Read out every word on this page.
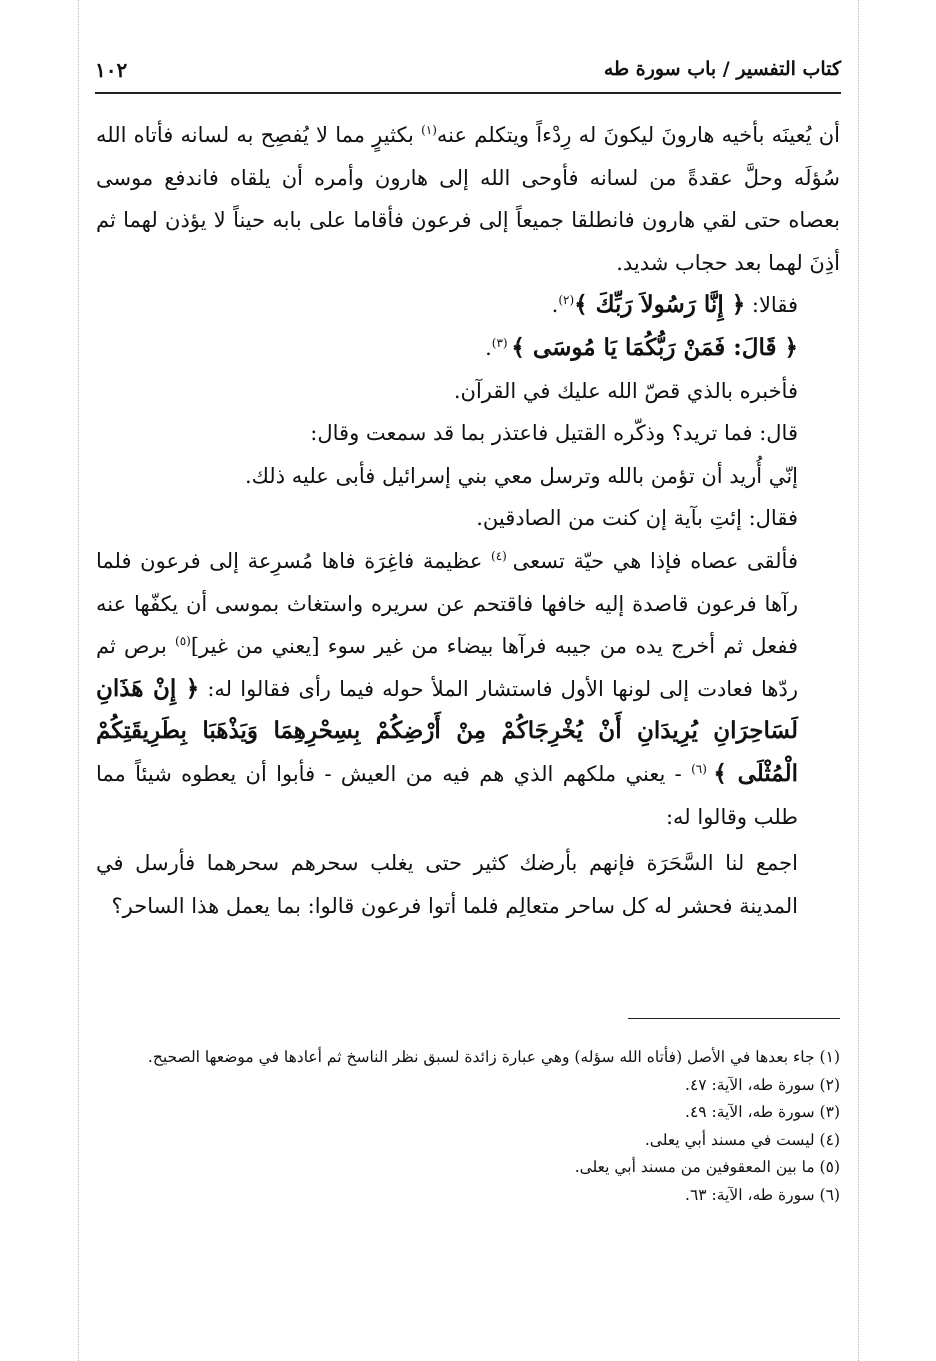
كتاب التفسير / باب سورة طه
١٠٢

أن يُعينَه بأخيه هارونَ ليكونَ له رِدْءاً ويتكلم عنه$^{(١)}$ بكثيرٍ مما لا يُفصِح به لسانه فأتاه الله سُؤلَه وحلَّ عقدةً من لسانه فأوحى الله إلى هارون وأمره أن يلقاه فاندفع موسى بعصاه حتى لقي هارون فانطلقا جميعاً إلى فرعون فأقاما على بابه حيناً لا يؤذن لهما ثم أذِنَ لهما بعد حجاب شديد.

فقالا: ﴿ إِنَّا رَسُولاَ رَبِّكَ ﴾$^{(٢)}$.

﴿ قَالَ: فَمَنْ رَبُّكُمَا يَا مُوسَى ﴾ $^{(٣)}$.

فأخبره بالذي قصّ الله عليك في القرآن.

قال: فما تريد؟ وذكّره القتيل فاعتذر بما قد سمعت وقال:

إنّي أُريد أن تؤمن بالله وترسل معي بني إسرائيل فأبى عليه ذلك.

فقال: إئتِ بآية إن كنت من الصادقين.

فألقى عصاه فإذا هي حيّة تسعى $^{(٤)}$ عظيمة فاغِرَة فاها مُسرِعة إلى فرعون فلما رآها فرعون قاصدة إليه خافها فاقتحم عن سريره واستغاث بموسى أن يكفّها عنه ففعل ثم أخرج يده من جيبه فرآها بيضاء من غير سوء [يعني من غير]$^{(٥)}$ برص ثم ردّها فعادت إلى لونها الأول فاستشار الملأ حوله فيما رأى فقالوا له: ﴿ إِنْ هَذَانِ لَسَاحِرَانِ يُرِيدَانِ أَنْ يُخْرِجَاكُمْ مِنْ أَرْضِكُمْ بِسِحْرِهِمَا وَيَذْهَبَا بِطَرِيقَتِكُمْ الْمُثْلَى ﴾ $^{(٦)}$ - يعني ملكهم الذي هم فيه من العيش - فأبوا أن يعطوه شيئاً مما طلب وقالوا له:

اجمع لنا السَّحَرَة فإنهم بأرضك كثير حتى يغلب سحرهم سحرهما فأرسل في المدينة فحشر له كل ساحر متعالِم فلما أتوا فرعون قالوا: بما يعمل هذا الساحر؟

(١) جاء بعدها في الأصل (فأتاه الله سؤله) وهي عبارة زائدة لسبق نظر الناسخ ثم أعادها في موضعها الصحيح.

(٢) سورة طه، الآية: ٤٧.

(٣) سورة طه، الآية: ٤٩.

(٤) ليست في مسند أبي يعلى.

(٥) ما بين المعقوفين من مسند أبي يعلى.

(٦) سورة طه، الآية: ٦٣.
